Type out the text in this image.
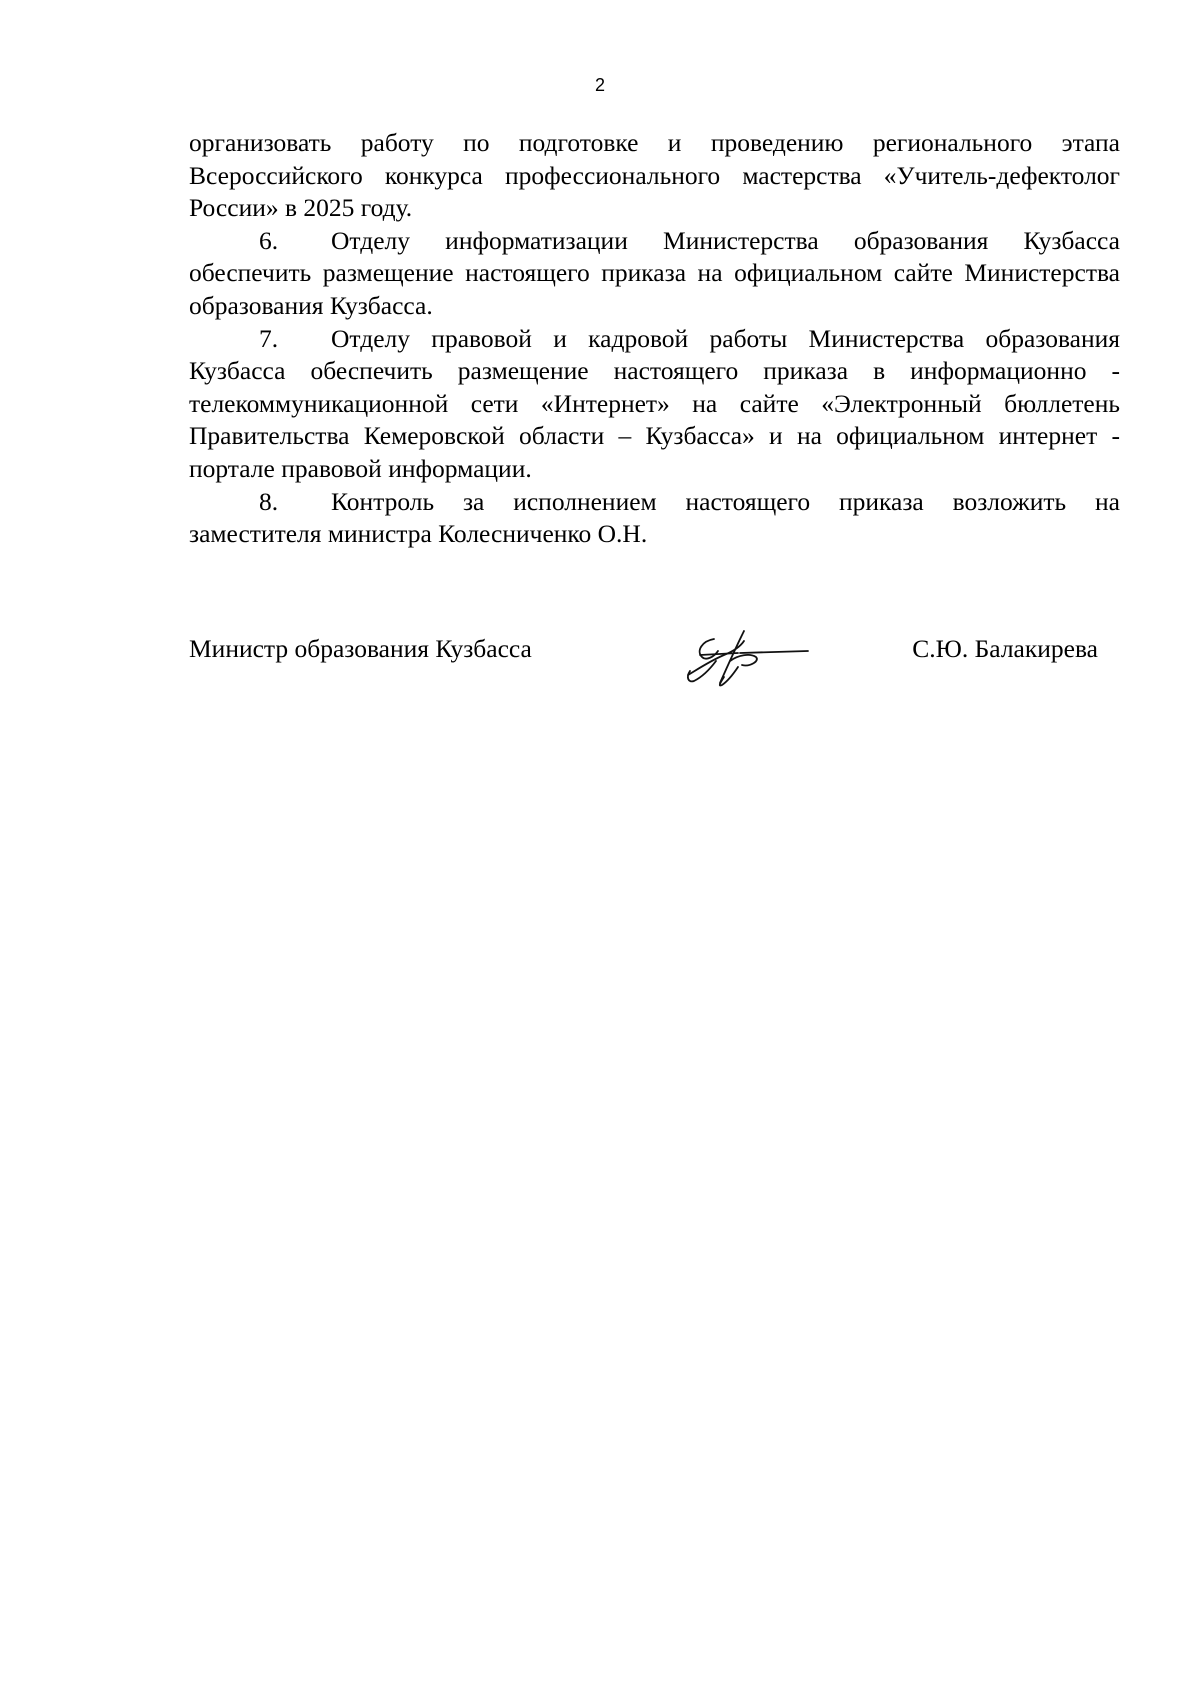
2

организовать работу по подготовке и проведению регионального этапа Всероссийского конкурса профессионального мастерства «Учитель-дефектолог России» в 2025 году.

6. Отделу информатизации Министерства образования Кузбасса обеспечить размещение настоящего приказа на официальном сайте Министерства образования Кузбасса.

7. Отделу правовой и кадровой работы Министерства образования Кузбасса обеспечить размещение настоящего приказа в информационно - телекоммуникационной сети «Интернет» на сайте «Электронный бюллетень Правительства Кемеровской области – Кузбасса» и на официальном интернет - портале правовой информации.

8. Контроль за исполнением настоящего приказа возложить на заместителя министра Колесниченко О.Н.

Министр образования Кузбасса	С.Ю. Балакирева
